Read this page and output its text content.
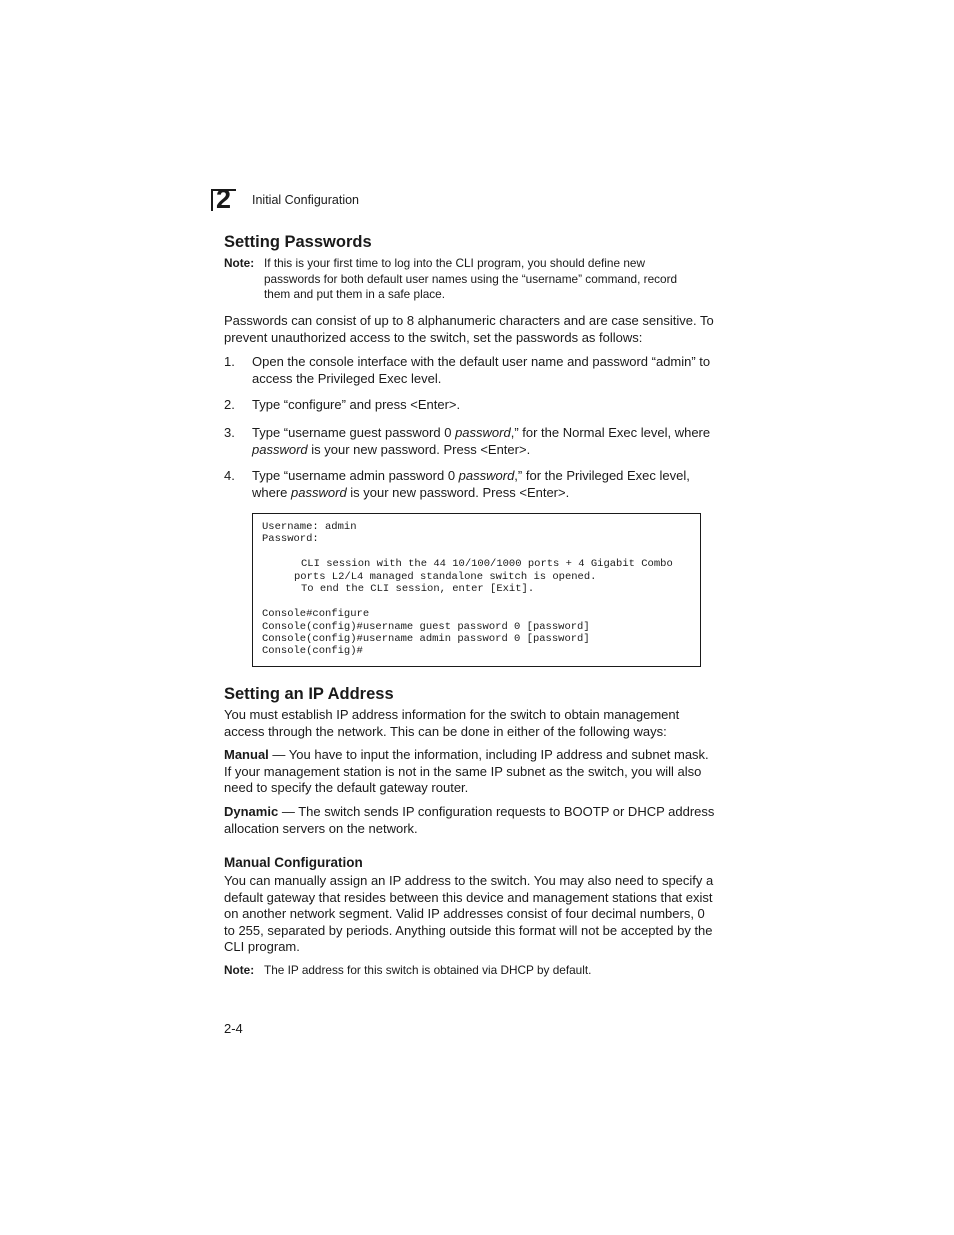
2 Initial Configuration
Setting Passwords
Note: If this is your first time to log into the CLI program, you should define new passwords for both default user names using the “username” command, record them and put them in a safe place.

Passwords can consist of up to 8 alphanumeric characters and are case sensitive. To prevent unauthorized access to the switch, set the passwords as follows:

1. Open the console interface with the default user name and password “admin” to access the Privileged Exec level.
2. Type “configure” and press <Enter>.
3. Type “username guest password 0 password,” for the Normal Exec level, where password is your new password. Press <Enter>.
4. Type “username admin password 0 password,” for the Privileged Exec level, where password is your new password. Press <Enter>.
Username: admin
Password:
CLI session with the 44 10/100/1000 ports + 4 Gigabit Combo
ports L2/L4 managed standalone switch is opened.
To end the CLI session, enter [Exit].
Console#configure
Console(config)#username guest password 0 [password]
Console(config)#username admin password 0 [password]
Console(config)#
Setting an IP Address

You must establish IP address information for the switch to obtain management access through the network. This can be done in either of the following ways:

Manual — You have to input the information, including IP address and subnet mask. If your management station is not in the same IP subnet as the switch, you will also need to specify the default gateway router.

Dynamic — The switch sends IP configuration requests to BOOTP or DHCP address allocation servers on the network.

Manual Configuration

You can manually assign an IP address to the switch. You may also need to specify a default gateway that resides between this device and management stations that exist on another network segment. Valid IP addresses consist of four decimal numbers, 0 to 255, separated by periods. Anything outside this format will not be accepted by the CLI program.

Note: The IP address for this switch is obtained via DHCP by default.
2-4
